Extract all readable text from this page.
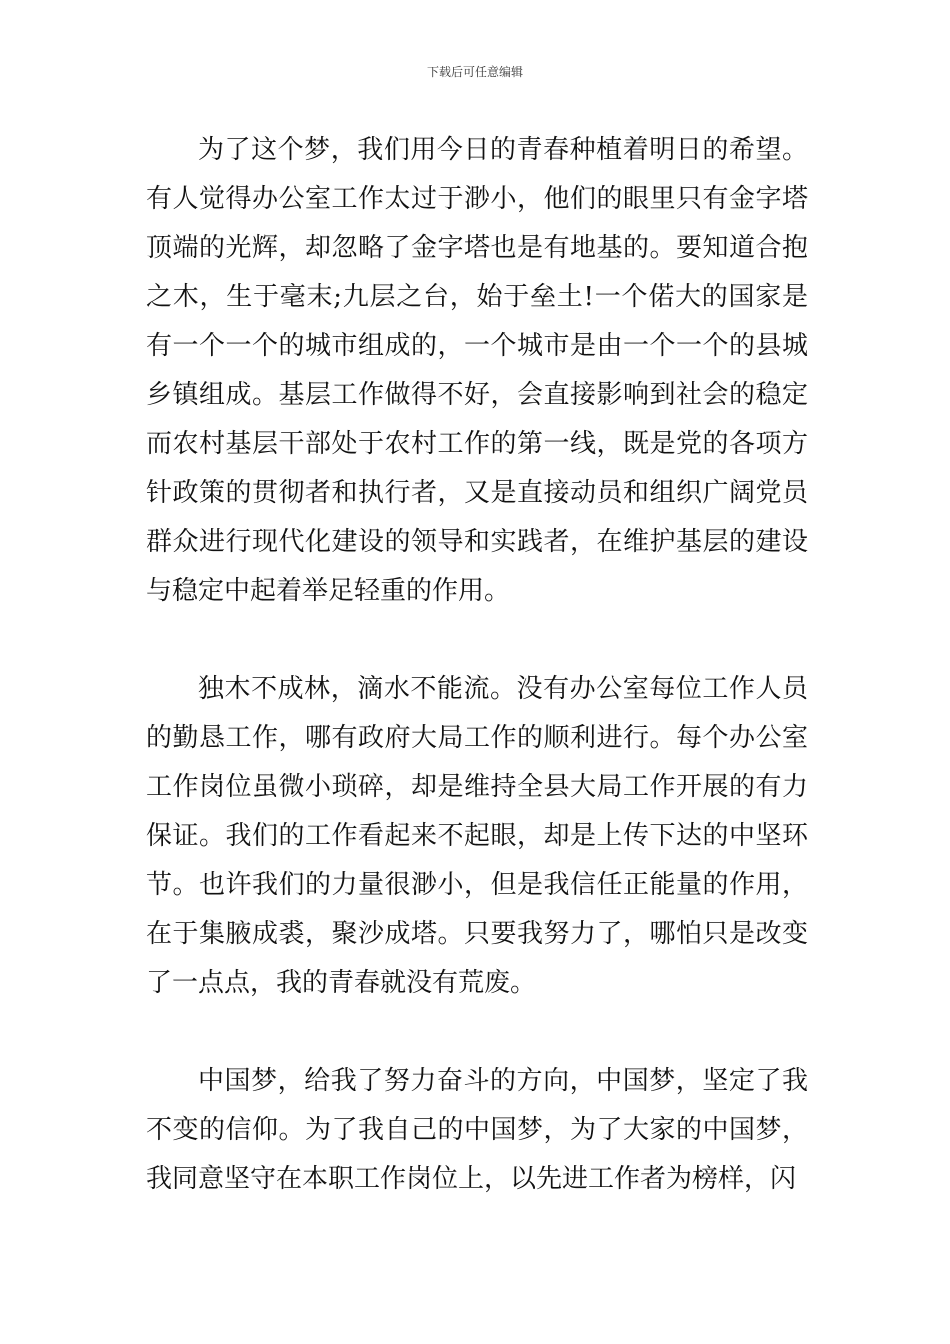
下载后可任意编辑

为了这个梦，我们用今日的青春种植着明日的希望。有人觉得办公室工作太过于渺小，他们的眼里只有金字塔顶端的光辉，却忽略了金字塔也是有地基的。要知道合抱之木，生于毫末;九层之台，始于垒土!一个偌大的国家是有一个一个的城市组成的，一个城市是由一个一个的县城乡镇组成。基层工作做得不好，会直接影响到社会的稳定而农村基层干部处于农村工作的第一线，既是党的各项方针政策的贯彻者和执行者，又是直接动员和组织广阔党员群众进行现代化建设的领导和实践者，在维护基层的建设与稳定中起着举足轻重的作用。

独木不成林，滴水不能流。没有办公室每位工作人员的勤恳工作，哪有政府大局工作的顺利进行。每个办公室工作岗位虽微小琐碎，却是维持全县大局工作开展的有力保证。我们的工作看起来不起眼，却是上传下达的中坚环节。也许我们的力量很渺小，但是我信任正能量的作用，在于集腋成裘，聚沙成塔。只要我努力了，哪怕只是改变了一点点，我的青春就没有荒废。

中国梦，给我了努力奋斗的方向，中国梦，坚定了我不变的信仰。为了我自己的中国梦，为了大家的中国梦，我同意坚守在本职工作岗位上，以先进工作者为榜样，闪
